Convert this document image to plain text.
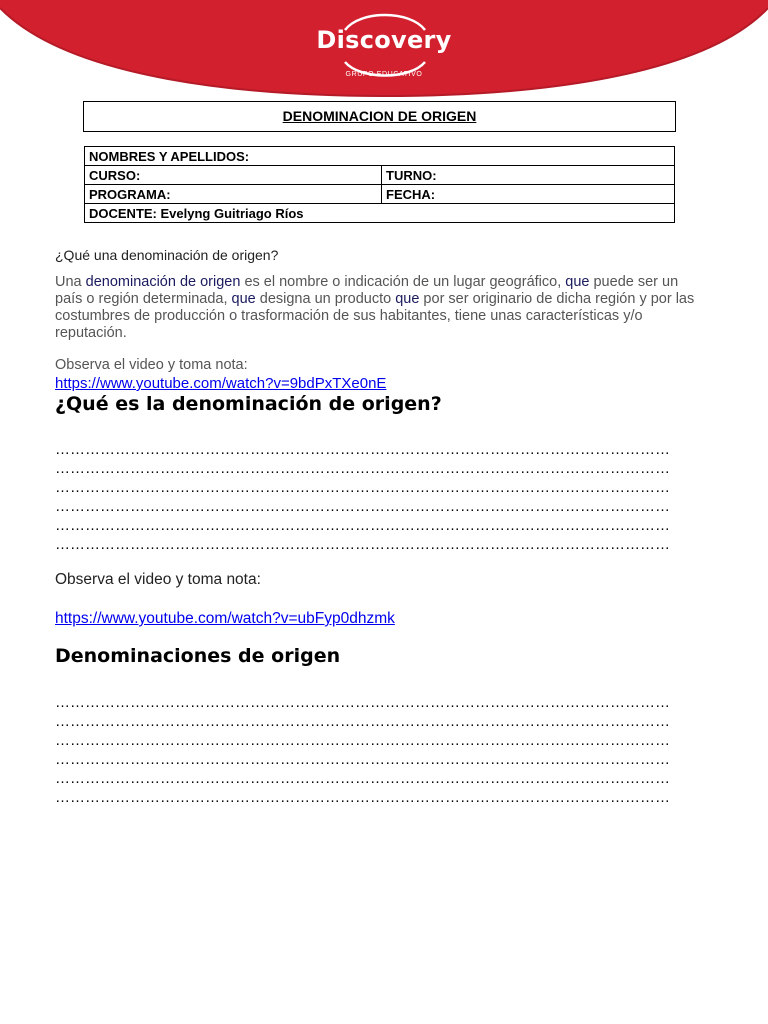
Discovery
GRUPO EDUCATIVO
DENOMINACION DE ORIGEN
NOMBRES Y APELLIDOS:	
CURSO:	TURNO:
PROGRAMA:	FECHA:
DOCENTE: Evelyng Guitriago Ríos	
¿Qué una denominación de origen?
Una denominación de origen es el nombre o indicación de un lugar geográfico, que puede ser un país o región determinada, que designa un producto que por ser originario de dicha región y por las costumbres de producción o trasformación de sus habitantes, tiene unas características y/o reputación.
Observa el video y toma nota:
https://www.youtube.com/watch?v=9bdPxTXe0nE
¿Qué es la denominación de origen?
……………………………………………………………………………………………………………
……………………………………………………………………………………………………………
……………………………………………………………………………………………………………
……………………………………………………………………………………………………………
……………………………………………………………………………………………………………
……………………………………………………………………………………………………………
Observa el video y toma nota:
https://www.youtube.com/watch?v=ubFyp0dhzmk
Denominaciones de origen
……………………………………………………………………………………………………………
……………………………………………………………………………………………………………
……………………………………………………………………………………………………………
……………………………………………………………………………………………………………
……………………………………………………………………………………………………………
……………………………………………………………………………………………………………
